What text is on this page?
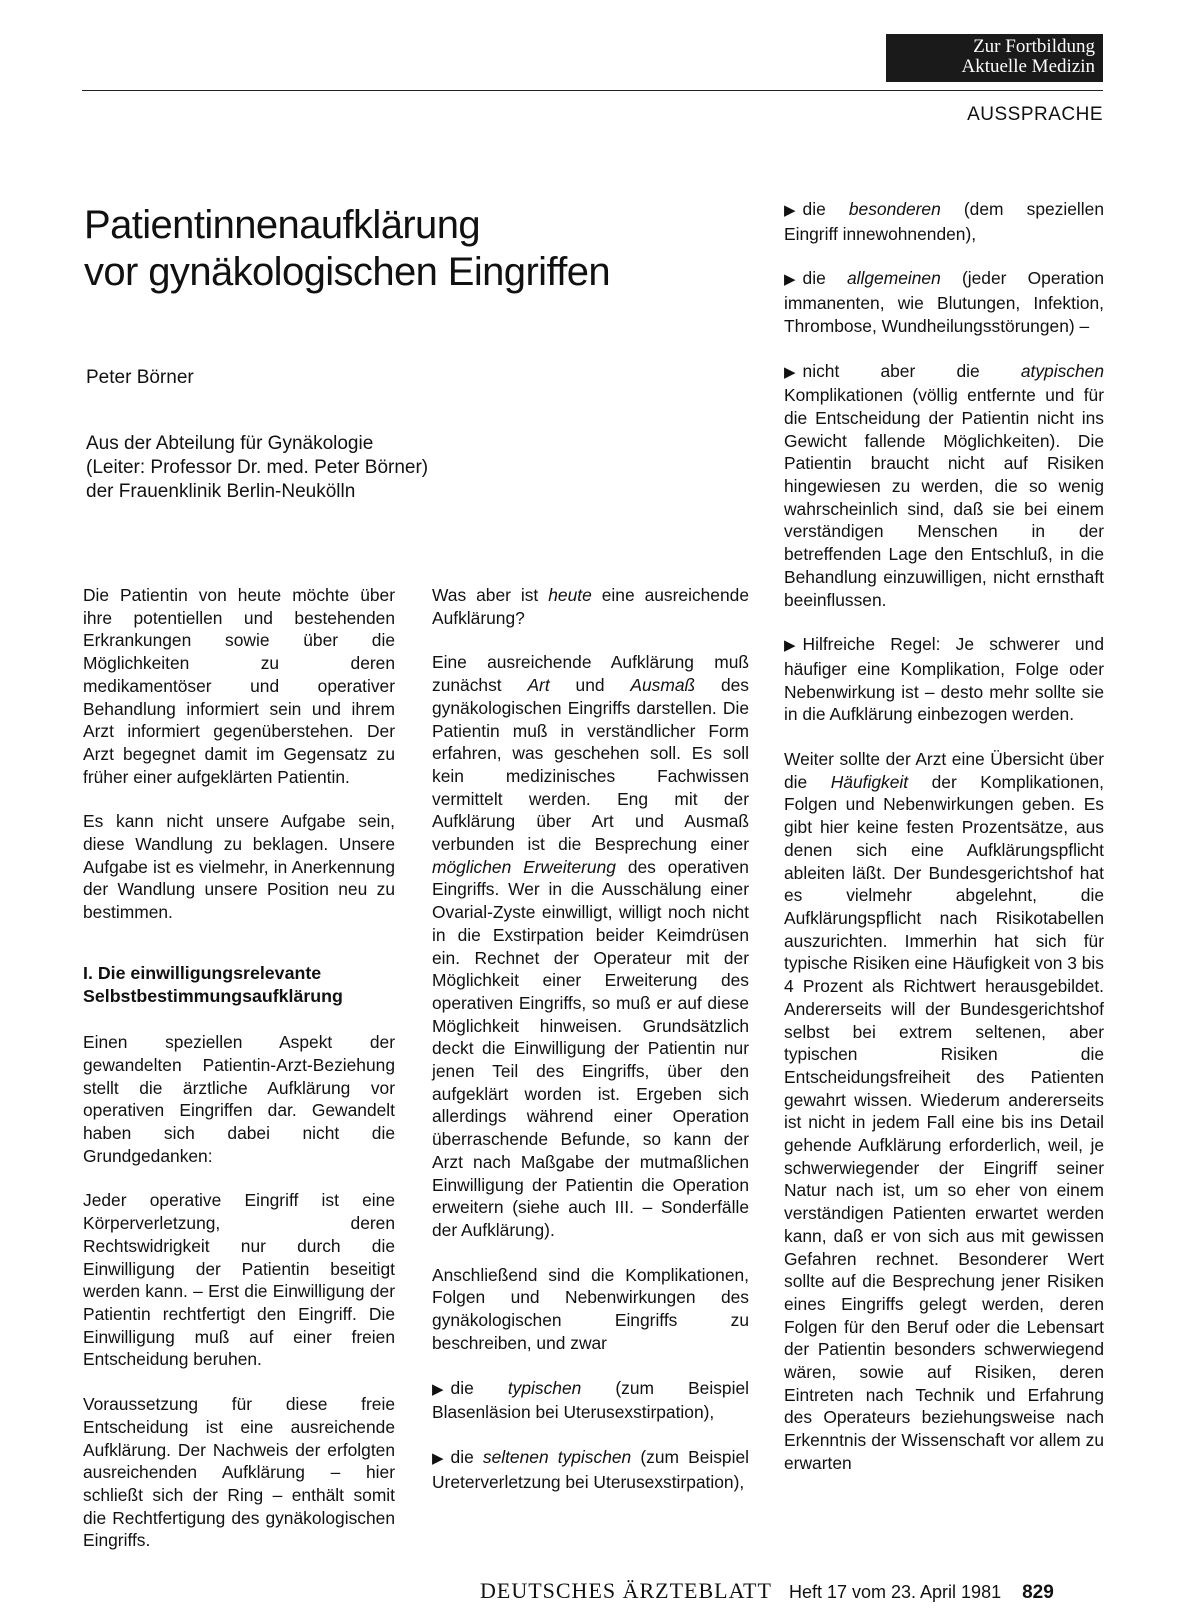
Zur Fortbildung
Aktuelle Medizin
AUSSPRACHE
Patientinnenaufklärung
vor gynäkologischen Eingriffen
Peter Börner
Aus der Abteilung für Gynäkologie
(Leiter: Professor Dr. med. Peter Börner)
der Frauenklinik Berlin-Neukölln

Die Patientin von heute möchte über ihre potentiellen und bestehenden Erkrankungen sowie über die Möglichkeiten zu deren medikamentöser und operativer Behandlung informiert sein und ihrem Arzt informiert gegenüberstehen. Der Arzt begegnet damit im Gegensatz zu früher einer aufgeklärten Patientin.

Es kann nicht unsere Aufgabe sein, diese Wandlung zu beklagen. Unsere Aufgabe ist es vielmehr, in Anerkennung der Wandlung unsere Position neu zu bestimmen.

I. Die einwilligungsrelevante
Selbstbestimmungsaufklärung

Einen speziellen Aspekt der gewandelten Patientin-Arzt-Beziehung stellt die ärztliche Aufklärung vor operativen Eingriffen dar. Gewandelt haben sich dabei nicht die Grundgedanken:

Jeder operative Eingriff ist eine Körperverletzung, deren Rechtswidrigkeit nur durch die Einwilligung der Patientin beseitigt werden kann. – Erst die Einwilligung der Patientin rechtfertigt den Eingriff. Die Einwilligung muß auf einer freien Entscheidung beruhen.

Voraussetzung für diese freie Entscheidung ist eine ausreichende Aufklärung. Der Nachweis der erfolgten ausreichenden Aufklärung – hier schließt sich der Ring – enthält somit die Rechtfertigung des gynäkologischen Eingriffs.

Was aber ist heute eine ausreichende Aufklärung?

Eine ausreichende Aufklärung muß zunächst Art und Ausmaß des gynäkologischen Eingriffs darstellen. Die Patientin muß in verständlicher Form erfahren, was geschehen soll. Es soll kein medizinisches Fachwissen vermittelt werden. Eng mit der Aufklärung über Art und Ausmaß verbunden ist die Besprechung einer möglichen Erweiterung des operativen Eingriffs. Wer in die Ausschälung einer Ovarial-Zyste einwilligt, willigt noch nicht in die Exstirpation beider Keimdrüsen ein. Rechnet der Operateur mit der Möglichkeit einer Erweiterung des operativen Eingriffs, so muß er auf diese Möglichkeit hinweisen. Grundsätzlich deckt die Einwilligung der Patientin nur jenen Teil des Eingriffs, über den aufgeklärt worden ist. Ergeben sich allerdings während einer Operation überraschende Befunde, so kann der Arzt nach Maßgabe der mutmaßlichen Einwilligung der Patientin die Operation erweitern (siehe auch III. – Sonderfälle der Aufklärung).

Anschließend sind die Komplikationen, Folgen und Nebenwirkungen des gynäkologischen Eingriffs zu beschreiben, und zwar

▶ die typischen (zum Beispiel Blasenläsion bei Uterusexstirpation),

▶ die seltenen typischen (zum Beispiel Ureterverletzung bei Uterusexstirpation),

▶ die besonderen (dem speziellen Eingriff innewohnenden),

▶ die allgemeinen (jeder Operation immanenten, wie Blutungen, Infektion, Thrombose, Wundheilungsstörungen) –

▶ nicht aber die atypischen Komplikationen (völlig entfernte und für die Entscheidung der Patientin nicht ins Gewicht fallende Möglichkeiten). Die Patientin braucht nicht auf Risiken hingewiesen zu werden, die so wenig wahrscheinlich sind, daß sie bei einem verständigen Menschen in der betreffenden Lage den Entschluß, in die Behandlung einzuwilligen, nicht ernsthaft beeinflussen.

▶ Hilfreiche Regel: Je schwerer und häufiger eine Komplikation, Folge oder Nebenwirkung ist – desto mehr sollte sie in die Aufklärung einbezogen werden.

Weiter sollte der Arzt eine Übersicht über die Häufigkeit der Komplikationen, Folgen und Nebenwirkungen geben. Es gibt hier keine festen Prozentsätze, aus denen sich eine Aufklärungspflicht ableiten läßt. Der Bundesgerichtshof hat es vielmehr abgelehnt, die Aufklärungspflicht nach Risikotabellen auszurichten. Immerhin hat sich für typische Risiken eine Häufigkeit von 3 bis 4 Prozent als Richtwert herausgebildet. Andererseits will der Bundesgerichtshof selbst bei extrem seltenen, aber typischen Risiken die Entscheidungsfreiheit des Patienten gewahrt wissen. Wiederum andererseits ist nicht in jedem Fall eine bis ins Detail gehende Aufklärung erforderlich, weil, je schwerwiegender der Eingriff seiner Natur nach ist, um so eher von einem verständigen Patienten erwartet werden kann, daß er von sich aus mit gewissen Gefahren rechnet. Besonderer Wert sollte auf die Besprechung jener Risiken eines Eingriffs gelegt werden, deren Folgen für den Beruf oder die Lebensart der Patientin besonders schwerwiegend wären, sowie auf Risiken, deren Eintreten nach Technik und Erfahrung des Operateurs beziehungsweise nach Erkenntnis der Wissenschaft vor allem zu erwarten

DEUTSCHES ÄRZTEBLATT Heft 17 vom 23. April 1981 829
